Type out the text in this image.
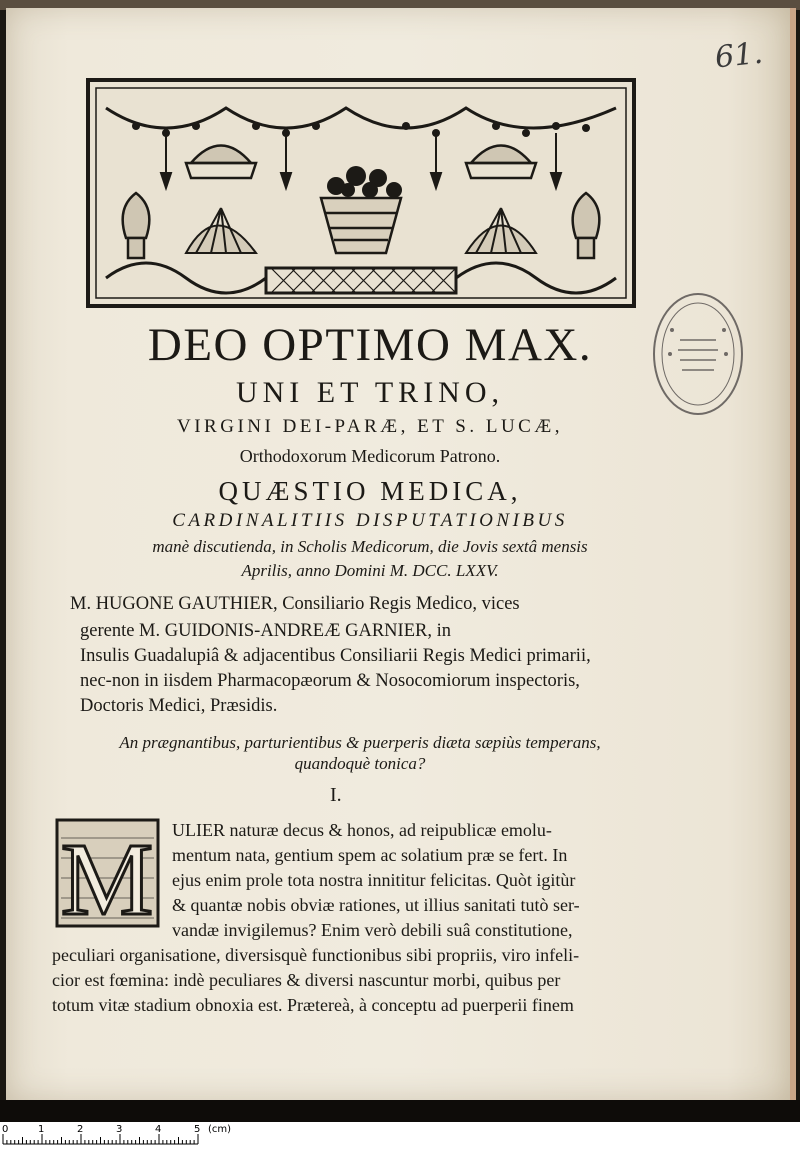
61.
DEO OPTIMO MAX.
UNI ET TRINO,
VIRGINI DEI-PARÆ, ET S. LUCÆ,
Orthodoxorum Medicorum Patrono.
QUÆSTIO MEDICA,
CARDINALITIIS DISPUTATIONIBUS
manè discutienda, in Scholis Medicorum, die Jovis sextâ mensis
Aprilis, anno Domini M. DCC. LXXV.
M. HUGONE GAUTHIER, Consiliario Regis Medico, vices
gerente M. GUIDONIS-ANDREÆ GARNIER, in
Insulis Guadalupiâ & adjacentibus Consiliarii Regis Medici primarii,
nec-non in iisdem Pharmacopæorum & Nosocomiorum inspectoris,
Doctoris Medici, Præsidis.
An prægnantibus, parturientibus & puerperis diæta sæpiùs temperans,
quandoquè tonica?
I.
M ULIER naturæ decus & honos, ad reipublicæ emolu-
mentum nata, gentium spem ac solatium præ se fert. In
ejus enim prole tota nostra innititur felicitas. Quòt igitùr
& quantæ nobis obviæ rationes, ut illius sanitati tutò ser-
vandæ invigilemus? Enim verò debili suâ constitutione,
peculiari organisatione, diversisquè functionibus sibi propriis, viro infeli-
cior est fœmina: indè peculiares & diversi nascuntur morbi, quibus per
totum vitæ stadium obnoxia est. Prætereà, à conceptu ad puerperii finem
0	1	2	3	4	5 (cm)
